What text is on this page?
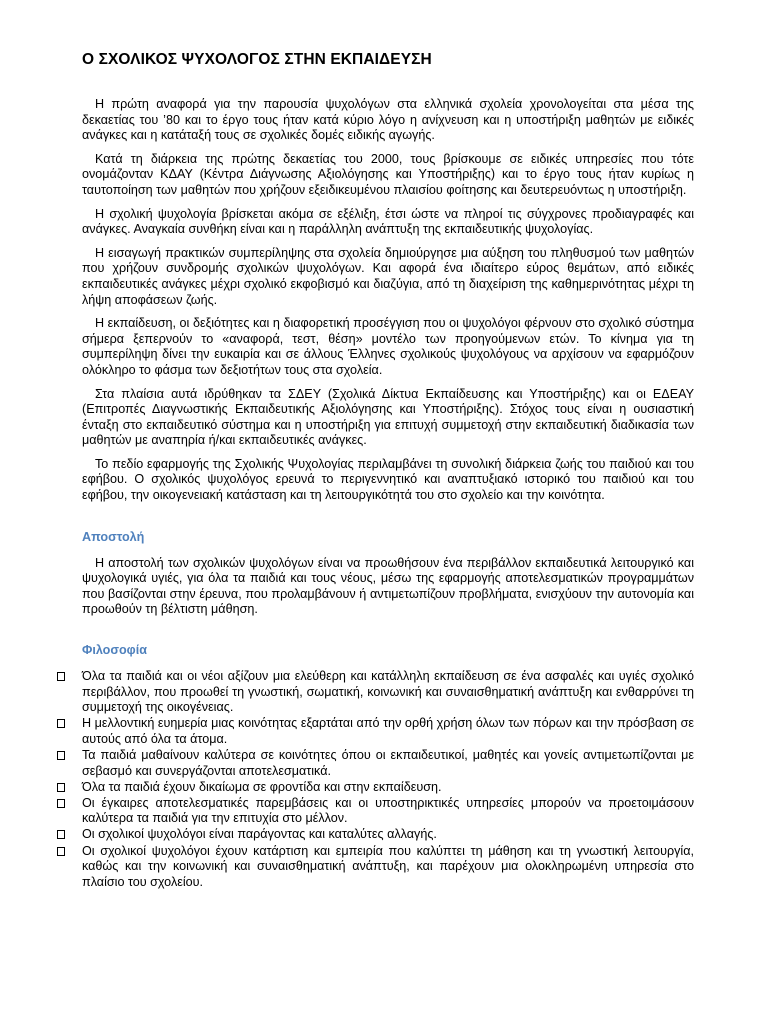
Ο ΣΧΟΛΙΚΟΣ ΨΥΧΟΛΟΓΟΣ ΣΤΗΝ ΕΚΠΑΙΔΕΥΣΗ

Η πρώτη αναφορά για την παρουσία ψυχολόγων στα ελληνικά σχολεία χρονολογείται στα μέσα της δεκαετίας του ’80 και το έργο τους ήταν κατά κύριο λόγο η ανίχνευση και η υποστήριξη μαθητών με ειδικές ανάγκες και η κατάταξή τους σε σχολικές δομές ειδικής αγωγής.

Κατά τη διάρκεια της πρώτης δεκαετίας του 2000, τους βρίσκουμε σε ειδικές υπηρεσίες που τότε ονομάζονταν ΚΔΑΥ (Κέντρα Διάγνωσης Αξιολόγησης και Υποστήριξης) και το έργο τους ήταν κυρίως η ταυτοποίηση των μαθητών που χρήζουν εξειδικευμένου πλαισίου φοίτησης και δευτερευόντως η υποστήριξη.

Η σχολική ψυχολογία βρίσκεται ακόμα σε εξέλιξη, έτσι ώστε να πληροί τις σύγχρονες προδιαγραφές και ανάγκες. Αναγκαία συνθήκη είναι και η παράλληλη ανάπτυξη της εκπαιδευτικής ψυχολογίας.

Η εισαγωγή πρακτικών συμπερίληψης στα σχολεία δημιούργησε μια αύξηση του πληθυσμού των μαθητών που χρήζουν συνδρομής σχολικών ψυχολόγων. Και αφορά ένα ιδιαίτερο εύρος θεμάτων, από ειδικές εκπαιδευτικές ανάγκες μέχρι σχολικό εκφοβισμό και διαζύγια, από τη διαχείριση της καθημερινότητας μέχρι τη λήψη αποφάσεων ζωής.

Η εκπαίδευση, οι δεξιότητες και η διαφορετική προσέγγιση που οι ψυχολόγοι φέρνουν στο σχολικό σύστημα σήμερα ξεπερνούν το «αναφορά, τεστ, θέση» μοντέλο των προηγούμενων ετών. Το κίνημα για τη συμπερίληψη δίνει την ευκαιρία και σε άλλους Έλληνες σχολικούς ψυχολόγους να αρχίσουν να εφαρμόζουν ολόκληρο το φάσμα των δεξιοτήτων τους στα σχολεία.

Στα πλαίσια αυτά ιδρύθηκαν τα ΣΔΕΥ (Σχολικά Δίκτυα Εκπαίδευσης και Υποστήριξης) και οι ΕΔΕΑΥ (Επιτροπές Διαγνωστικής Εκπαιδευτικής Αξιολόγησης και Υποστήριξης). Στόχος τους είναι η ουσιαστική ένταξη στο εκπαιδευτικό σύστημα και η υποστήριξη για επιτυχή συμμετοχή στην εκπαιδευτική διαδικασία των μαθητών με αναπηρία ή/και εκπαιδευτικές ανάγκες.

Το πεδίο εφαρμογής της Σχολικής Ψυχολογίας περιλαμβάνει τη συνολική διάρκεια ζωής του παιδιού και του εφήβου. Ο σχολικός ψυχολόγος ερευνά το περιγεννητικό και αναπτυξιακό ιστορικό του παιδιού και του εφήβου, την οικογενειακή κατάσταση και τη λειτουργικότητά του στο σχολείο και την κοινότητα.

Αποστολή

Η αποστολή των σχολικών ψυχολόγων είναι να προωθήσουν ένα περιβάλλον εκπαιδευτικά λειτουργικό και ψυχολογικά υγιές, για όλα τα παιδιά και τους νέους, μέσω της εφαρμογής αποτελεσματικών προγραμμάτων που βασίζονται στην έρευνα, που προλαμβάνουν ή αντιμετωπίζουν προβλήματα, ενισχύουν την αυτονομία και προωθούν τη βέλτιστη μάθηση.

Φιλοσοφία
Όλα τα παιδιά και οι νέοι αξίζουν μια ελεύθερη και κατάλληλη εκπαίδευση σε ένα ασφαλές και υγιές σχολικό περιβάλλον, που προωθεί τη γνωστική, σωματική, κοινωνική και συναισθηματική ανάπτυξη και ενθαρρύνει τη συμμετοχή της οικογένειας.
Η μελλοντική ευημερία μιας κοινότητας εξαρτάται από την ορθή χρήση όλων των πόρων και την πρόσβαση σε αυτούς από όλα τα άτομα.
Τα παιδιά μαθαίνουν καλύτερα σε κοινότητες όπου οι εκπαιδευτικοί, μαθητές και γονείς αντιμετωπίζονται με σεβασμό και συνεργάζονται αποτελεσματικά.
Όλα τα παιδιά έχουν δικαίωμα σε φροντίδα και στην εκπαίδευση.
Οι έγκαιρες αποτελεσματικές παρεμβάσεις και οι υποστηρικτικές υπηρεσίες μπορούν να προετοιμάσουν καλύτερα τα παιδιά για την επιτυχία στο μέλλον.
Οι σχολικοί ψυχολόγοι είναι παράγοντας και καταλύτες αλλαγής.
Οι σχολικοί ψυχολόγοι έχουν κατάρτιση και εμπειρία που καλύπτει τη μάθηση και τη γνωστική λειτουργία, καθώς και την κοινωνική και συναισθηματική ανάπτυξη, και παρέχουν μια ολοκληρωμένη υπηρεσία στο πλαίσιο του σχολείου.
